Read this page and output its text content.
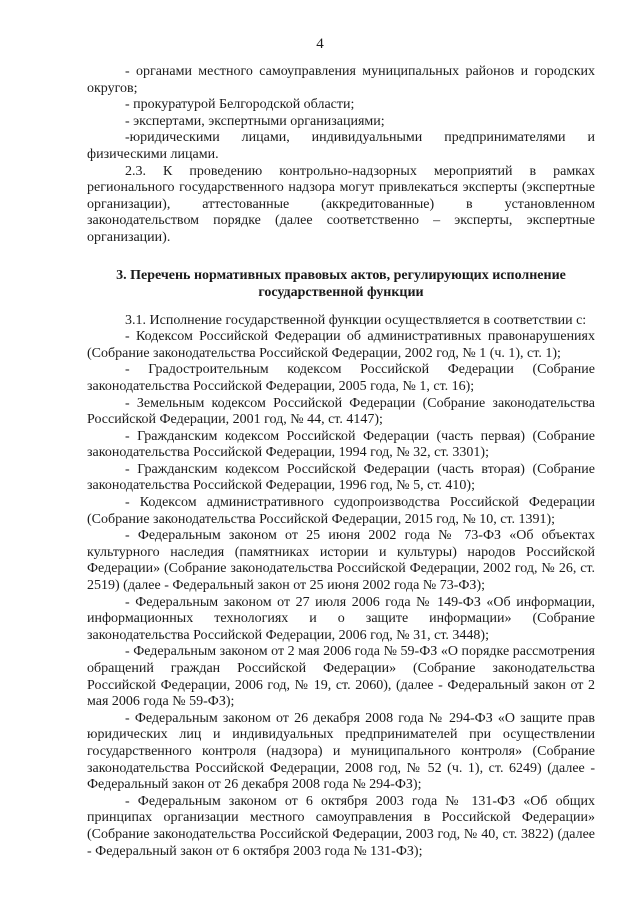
4

- органами местного самоуправления муниципальных районов и городских округов;

- прокуратурой Белгородской области;

- экспертами, экспертными организациями;

-юридическими лицами, индивидуальными предпринимателями и физическими лицами.

2.3. К проведению контрольно-надзорных мероприятий в рамках регионального государственного надзора могут привлекаться эксперты (экспертные организации), аттестованные (аккредитованные) в установленном законодательством порядке (далее соответственно – эксперты, экспертные организации).

3. Перечень нормативных правовых актов, регулирующих исполнение государственной функции

3.1. Исполнение государственной функции осуществляется в соответствии с:

- Кодексом Российской Федерации об административных правонарушениях (Собрание законодательства Российской Федерации, 2002 год, № 1 (ч. 1), ст. 1);

- Градостроительным кодексом Российской Федерации (Собрание законодательства Российской Федерации, 2005 года, № 1, ст. 16);

- Земельным кодексом Российской Федерации (Собрание законодательства Российской Федерации, 2001 год, № 44, ст. 4147);

- Гражданским кодексом Российской Федерации (часть первая) (Собрание законодательства Российской Федерации, 1994 год, № 32, ст. 3301);

- Гражданским кодексом Российской Федерации (часть вторая) (Собрание законодательства Российской Федерации, 1996 год, № 5, ст. 410);

- Кодексом административного судопроизводства Российской Федерации (Собрание законодательства Российской Федерации, 2015 год, № 10, ст. 1391);

- Федеральным законом от 25 июня 2002 года № 73-ФЗ «Об объектах культурного наследия (памятниках истории и культуры) народов Российской Федерации» (Собрание законодательства Российской Федерации, 2002 год, № 26, ст. 2519) (далее - Федеральный закон от 25 июня 2002 года № 73-ФЗ);

- Федеральным законом от 27 июля 2006 года № 149-ФЗ «Об информации, информационных технологиях и о защите информации» (Собрание законодательства Российской Федерации, 2006 год, № 31, ст. 3448);

- Федеральным законом от 2 мая 2006 года № 59-ФЗ «О порядке рассмотрения обращений граждан Российской Федерации» (Собрание законодательства Российской Федерации, 2006 год, № 19, ст. 2060), (далее - Федеральный закон от 2 мая 2006 года № 59-ФЗ);

- Федеральным законом от 26 декабря 2008 года № 294-ФЗ «О защите прав юридических лиц и индивидуальных предпринимателей при осуществлении государственного контроля (надзора) и муниципального контроля» (Собрание законодательства Российской Федерации, 2008 год, № 52 (ч. 1), ст. 6249) (далее - Федеральный закон от 26 декабря 2008 года № 294-ФЗ);

- Федеральным законом от 6 октября 2003 года № 131-ФЗ «Об общих принципах организации местного самоуправления в Российской Федерации» (Собрание законодательства Российской Федерации, 2003 год, № 40, ст. 3822) (далее - Федеральный закон от 6 октября 2003 года № 131-ФЗ);
